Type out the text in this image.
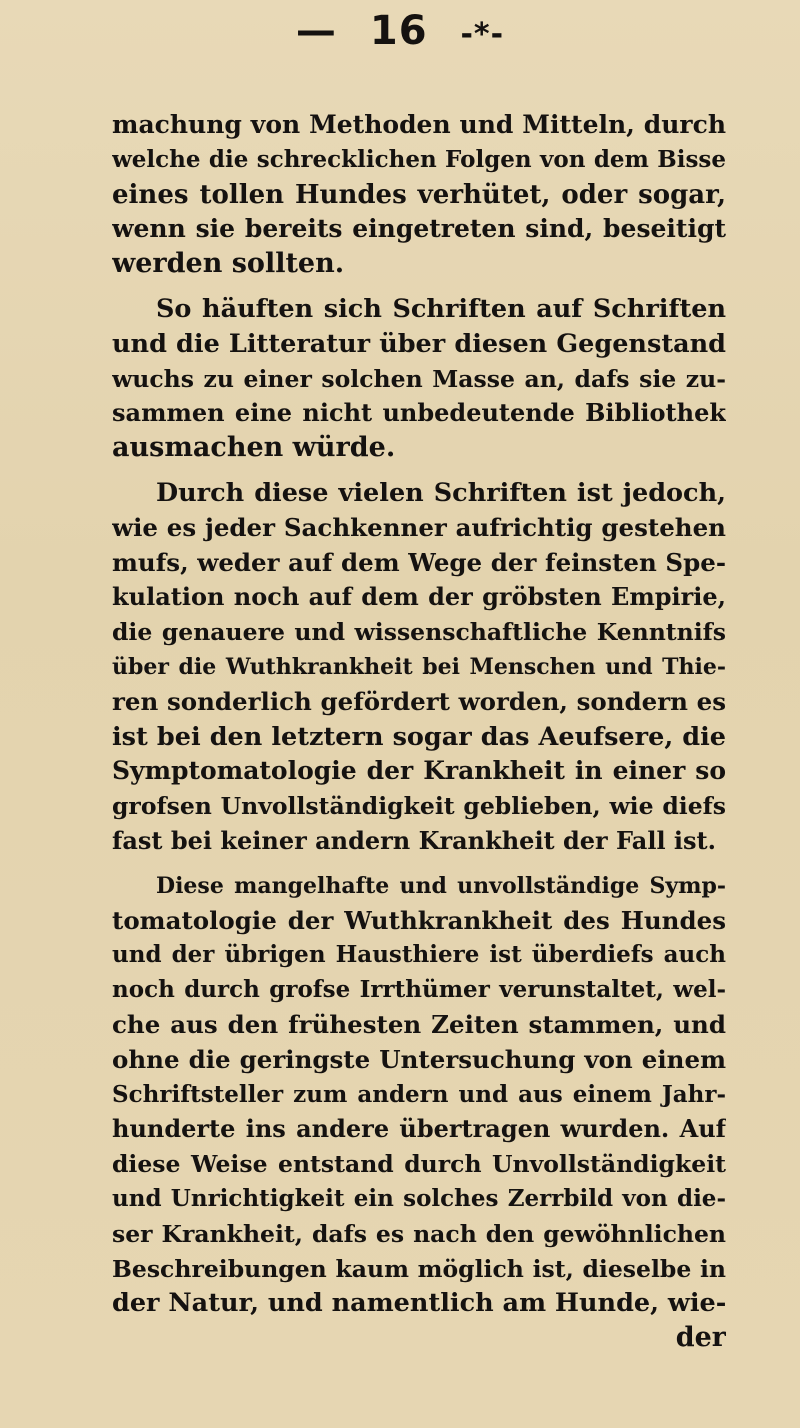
— 16 -*-
machung von Methoden und Mitteln, durch
welche die schrecklichen Folgen von dem Bisse
eines tollen Hundes verhütet, oder sogar,
wenn sie bereits eingetreten sind, beseitigt
werden sollten.
So häuften sich Schriften auf Schriften
und die Litteratur über diesen Gegenstand
wuchs zu einer solchen Masse an, dafs sie zu-
sammen eine nicht unbedeutende Bibliothek
ausmachen würde.
Durch diese vielen Schriften ist jedoch,
wie es jeder Sachkenner aufrichtig gestehen
mufs, weder auf dem Wege der feinsten Spe-
kulation noch auf dem der gröbsten Empirie,
die genauere und wissenschaftliche Kenntnifs
über die Wuthkrankheit bei Menschen und Thie-
ren sonderlich gefördert worden, sondern es
ist bei den letztern sogar das Aeufsere, die
Symptomatologie der Krankheit in einer so
grofsen Unvollständigkeit geblieben, wie diefs
fast bei keiner andern Krankheit der Fall ist.
Diese mangelhafte und unvollständige Symp-
tomatologie der Wuthkrankheit des Hundes
und der übrigen Hausthiere ist überdiefs auch
noch durch grofse Irrthümer verunstaltet, wel-
che aus den frühesten Zeiten stammen, und
ohne die geringste Untersuchung von einem
Schriftsteller zum andern und aus einem Jahr-
hunderte ins andere übertragen wurden. Auf
diese Weise entstand durch Unvollständigkeit
und Unrichtigkeit ein solches Zerrbild von die-
ser Krankheit, dafs es nach den gewöhnlichen
Beschreibungen kaum möglich ist, dieselbe in
der Natur, und namentlich am Hunde, wie-
der
